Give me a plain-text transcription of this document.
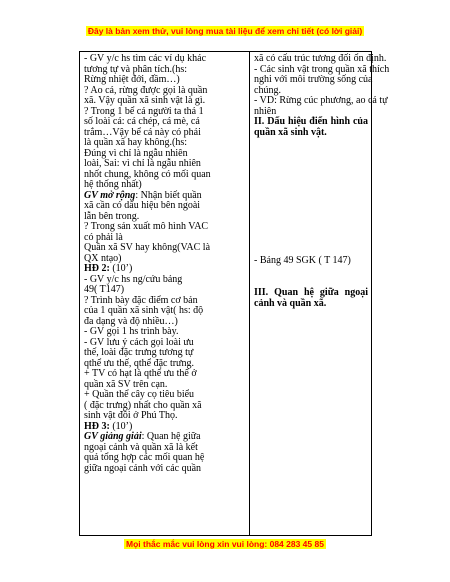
Đây là bản xem thử, vui lòng mua tài liệu để xem chi tiết (có lời giải)
- GV y/c hs tìm các ví dụ khác
tương tự và phân tích.(hs:
Rừng nhiệt đới, đầm…)
? Ao cá, rừng được gọi là quần
xã. Vậy quần xã sinh vật là gì.
? Trong 1 bể cá người ta thả 1
số loài cá: cá chép, cá mè, cá
trắm…Vậy bể cá này có phải
là quần xã hay không.(hs:
Đúng vì chỉ là ngẫu nhiên
loài, Sai: vì chỉ là ngẫu nhiên
nhốt chung, không có mối quan
hệ thống nhất)
GV mở rộng: Nhận biết quần
xã cần có dấu hiệu bên ngoài
lẫn bên trong.
? Trong sản xuất mô hình VAC
có phải là
Quần xã SV hay không(VAC là
QX ntạo)
HĐ 2: (10’)
- GV y/c hs ng/cứu bảng
49( T147)
? Trình bày đặc điểm cơ bản
của 1 quần xã sinh vật( hs: độ
đa dạng và độ nhiều…)
- GV gọi 1 hs trình bày.
- GV lưu ý cách gọi loài ưu
thế, loài đặc trưng tương tự
qthể ưu thế, qthể đặc trưng.
+ TV có hạt là qthể ưu thế ở
quần xã SV trên cạn.
+ Quần thể cây cọ tiêu biểu
( đặc trưng) nhất cho quần xã
sinh vật đồi ở Phú Thọ.
HĐ 3: (10’)
GV giảng giải: Quan hệ giữa
ngoại cảnh và quần xã là kết
quả tổng hợp các mối quan hệ
giữa ngoại cảnh với các quần
xã có cấu trúc tương đối ổn định.
- Các sinh vật trong quần xã thích
nghi với môi trường sống của
chúng.
- VD: Rừng cúc phương, ao cá tự
nhiên
II. Dấu hiệu điển hình của quần xã sinh vật.
- Bảng 49 SGK ( T 147)
III. Quan hệ giữa ngoại cảnh và quần xã.
Mọi thắc mắc vui lòng xin vui lòng: 084 283 45 85
